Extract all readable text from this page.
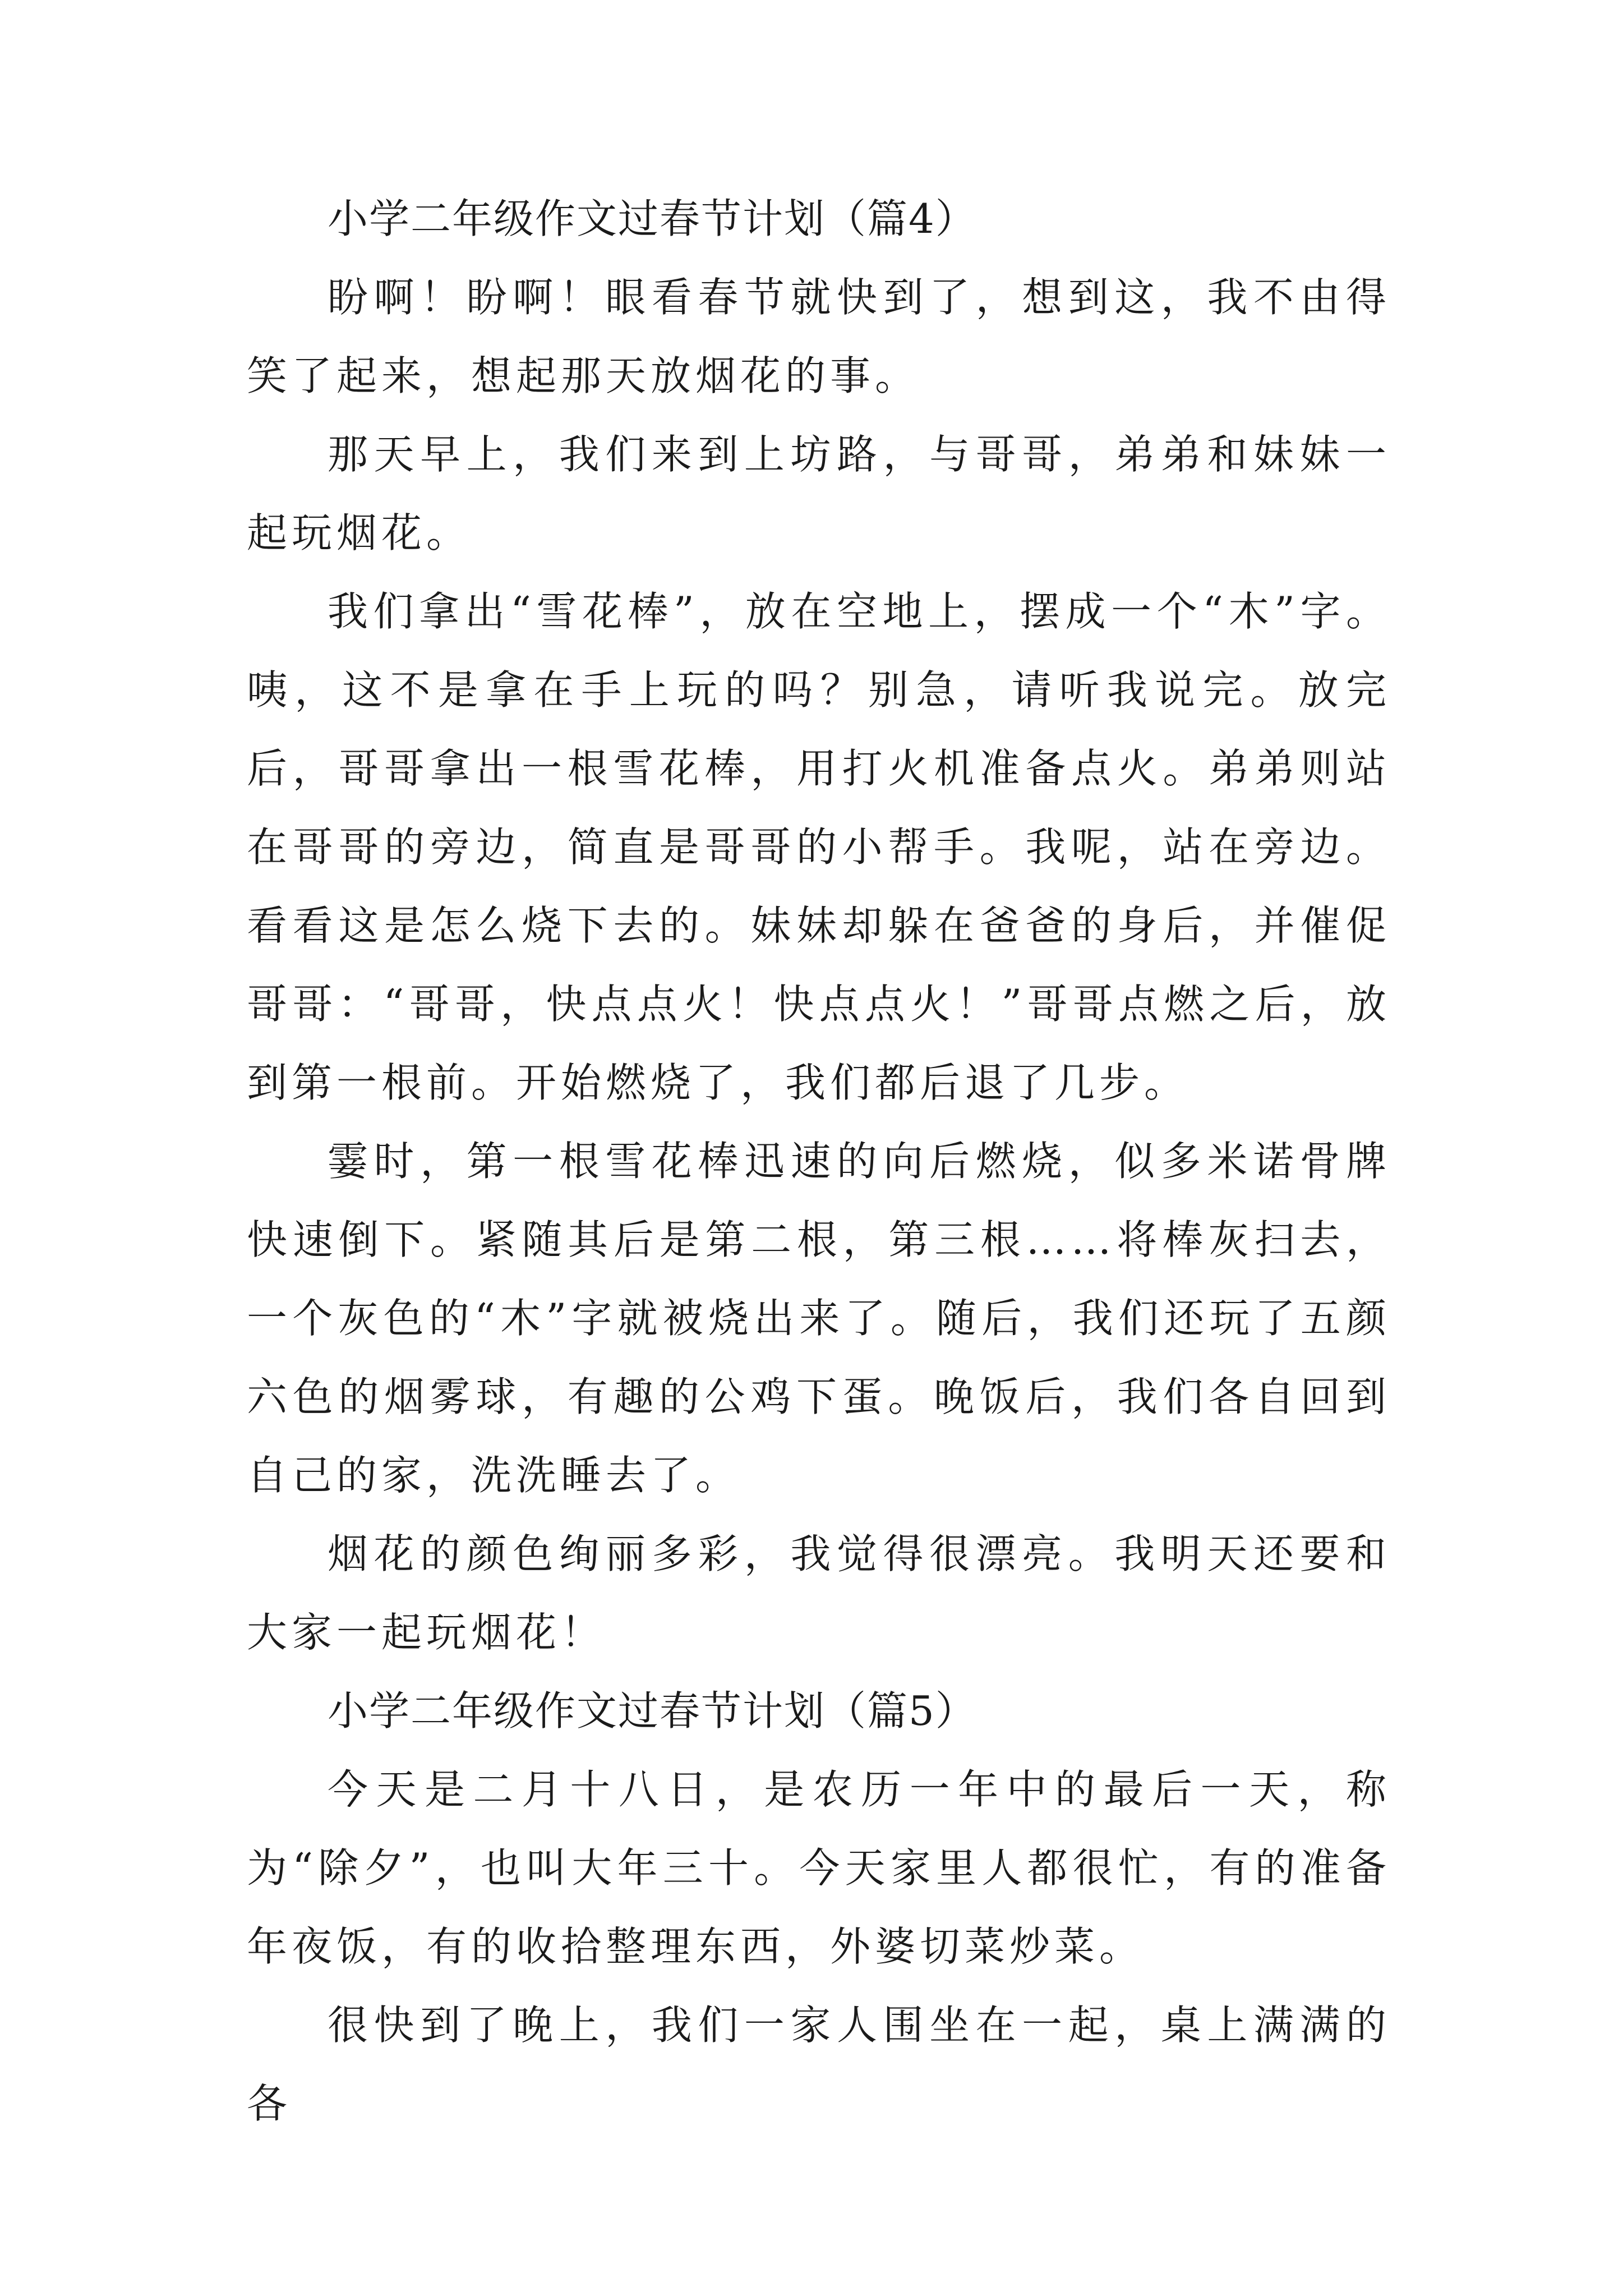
小学二年级作文过春节计划（篇4）

盼啊！盼啊！眼看春节就快到了，想到这，我不由得笑了起来，想起那天放烟花的事。

那天早上，我们来到上坊路，与哥哥，弟弟和妹妹一起玩烟花。

我们拿出“雪花棒”，放在空地上，摆成一个“木”字。咦，这不是拿在手上玩的吗？别急，请听我说完。放完后，哥哥拿出一根雪花棒，用打火机准备点火。弟弟则站在哥哥的旁边，简直是哥哥的小帮手。我呢，站在旁边。看看这是怎么烧下去的。妹妹却躲在爸爸的身后，并催促哥哥：“哥哥，快点点火！快点点火！”哥哥点燃之后，放到第一根前。开始燃烧了，我们都后退了几步。

霎时，第一根雪花棒迅速的向后燃烧，似多米诺骨牌快速倒下。紧随其后是第二根，第三根……将棒灰扫去，一个灰色的“木”字就被烧出来了。随后，我们还玩了五颜六色的烟雾球，有趣的公鸡下蛋。晚饭后，我们各自回到自己的家，洗洗睡去了。

烟花的颜色绚丽多彩，我觉得很漂亮。我明天还要和大家一起玩烟花！

小学二年级作文过春节计划（篇5）

今天是二月十八日，是农历一年中的最后一天，称为“除夕”，也叫大年三十。今天家里人都很忙，有的准备年夜饭，有的收拾整理东西，外婆切菜炒菜。

很快到了晚上，我们一家人围坐在一起，桌上满满的各
